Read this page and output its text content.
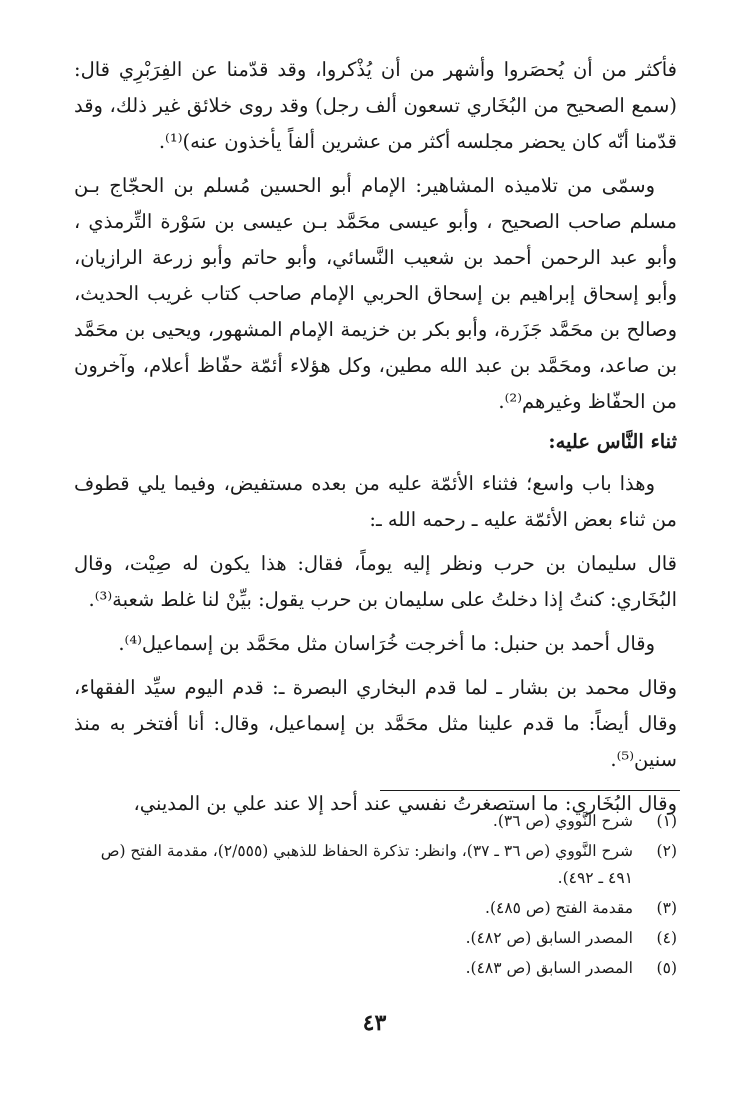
فأكثر من أن يُحصَروا وأشهر من أن يُذْكروا، وقد قدّمنا عن الفِرَبْرِي قال: (سمع الصحيح من البُخَاري تسعون ألف رجل) وقد روى خلائق غير ذلك، وقد قدّمنا أنّه كان يحضر مجلسه أكثر من عشرين ألفاً يأخذون عنه)⁽¹⁾.

وسمّى من تلاميذه المشاهير: الإمام أبو الحسين مُسلم بن الحجّاج بـن مسلم صاحب الصحيح ، وأبو عيسى محَمَّد بـن عيسى بن سَوْرة التِّرمذي ، وأبو عبد الرحمن أحمد بن شعيب النَّسائي، وأبو حاتم وأبو زرعة الرازيان، وأبو إسحاق إبراهيم بن إسحاق الحربي الإمام صاحب كتاب غريب الحديث، وصالح بن محَمَّد جَزَرة، وأبو بكر بن خزيمة الإمام المشهور، ويحيى بن محَمَّد بن صاعد، ومحَمَّد بن عبد الله مطين، وكل هؤلاء أئمّة حفّاظ أعلام، وآخرون من الحفّاظ وغيرهم⁽²⁾.

ثناء النَّاس عليه:

وهذا باب واسع؛ فثناء الأئمّة عليه من بعده مستفيض، وفيما يلي قطوف من ثناء بعض الأئمّة عليه ـ رحمه الله ـ:

قال سليمان بن حرب ونظر إليه يوماً، فقال: هذا يكون له صِيْت، وقال البُخَاري: كنتُ إذا دخلتُ على سليمان بن حرب يقول: بيِّنْ لنا غلط شعبة⁽³⁾.

وقال أحمد بن حنبل: ما أخرجت خُرَاسان مثل محَمَّد بن إسماعيل⁽⁴⁾.

وقال محمد بن بشار ـ لما قدم البخاري البصرة ـ: قدم اليوم سيِّد الفقهاء، وقال أيضاً: ما قدم علينا مثل محَمَّد بن إسماعيل، وقال: أنا أفتخر به منذ سنين⁽⁵⁾.

وقال البُخَاري: ما استصغرتُ نفسي عند أحد إلا عند علي بن المديني،

(١)
شرح النَّووي (ص ٣٦).
(٢)
شرح النَّووي (ص ٣٦ ـ ٣٧)، وانظر: تذكرة الحفاظ للذهبي (٢/٥٥٥)، مقدمة الفتح (ص ٤٩١ ـ ٤٩٢).
(٣)
مقدمة الفتح (ص ٤٨٥).
(٤)
المصدر السابق (ص ٤٨٢).
(٥)
المصدر السابق (ص ٤٨٣).
٤٣
